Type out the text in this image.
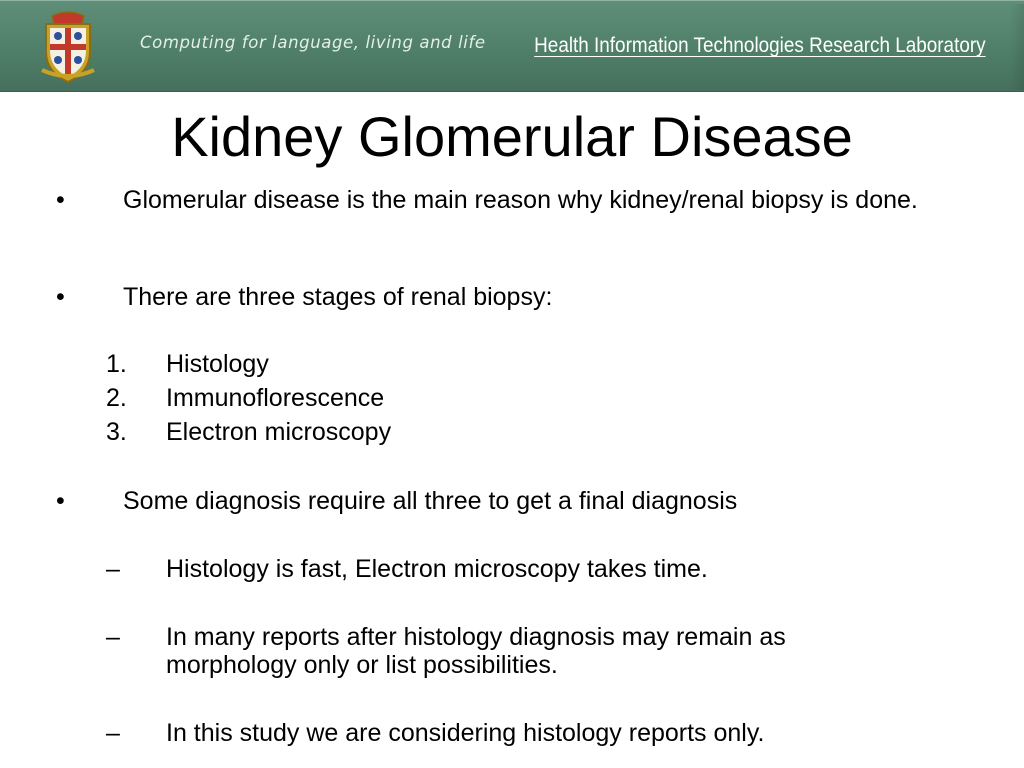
Computing for language, living and life Health Information Technologies Research Laboratory
Kidney Glomerular Disease
• Glomerular disease is the main reason why kidney/renal biopsy is done.
• There are three stages of renal biopsy:
1. Histology
2. Immunoflorescence
3. Electron microscopy
• Some diagnosis require all three to get a final diagnosis
– Histology is fast, Electron microscopy takes time.
– In many reports after histology diagnosis may remain as morphology only or list possibilities.
– In this study we are considering histology reports only.
